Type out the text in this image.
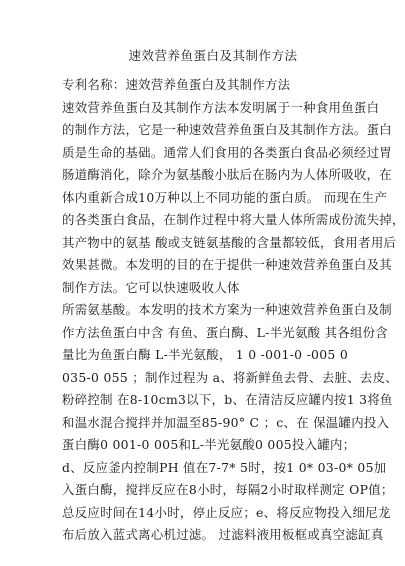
速效营养鱼蛋白及其制作方法
专利名称：速效营养鱼蛋白及其制作方法
速效营养鱼蛋白及其制作方法本发明属于一种食用鱼蛋白
的制作方法，它是一种速效营养鱼蛋白及其制作方法。蛋白
质是生命的基础。通常人们食用的各类蛋白食品必须经过胃
肠道酶消化，除介为氨基酸小肽后在肠内为人体所吸收，在
体内重新合成10万种以上不同功能的蛋白质。 而现在生产
的各类蛋白食品，在制作过程中将大量人体所需成份流失掉，
其产物中的氨基 酸或支链氨基酸的含量都较低，食用者用后
效果甚微。本发明的目的在于提供一种速效营养鱼蛋白及其
制作方法。它可以快速吸收人体
所需氨基酸。本发明的技术方案为一种速效营养鱼蛋白及制
作方法鱼蛋白中含 有鱼、蛋白酶、L-半光氨酸 其各组份含
量比为鱼蛋白酶 L-半光氨酸， 1 0 -001-0 -005 0
035-0 055 ；制作过程为 a、将新鲜鱼去骨、去脏、去皮、
粉碎控制 在8-10cm3以下，b、在清洁反应罐内按1 3将鱼
和温水混合搅拌并加温至85-90° C ；c、在 保温罐内投入
蛋白酶0 001-0 005和L-半光氨酸0 005投入罐内；
d、反应釜内控制PH 值在7-7* 5时，按1 0* 03-0* 05加
入蛋白酶，搅拌反应在8小时，每隔2小时取样测定 OP值；
总反应时间在14小时，停止反应；e、将反应物投入细尼龙
布后放入蓝式离心机过滤。 过滤料液用板框或真空滤缸真
